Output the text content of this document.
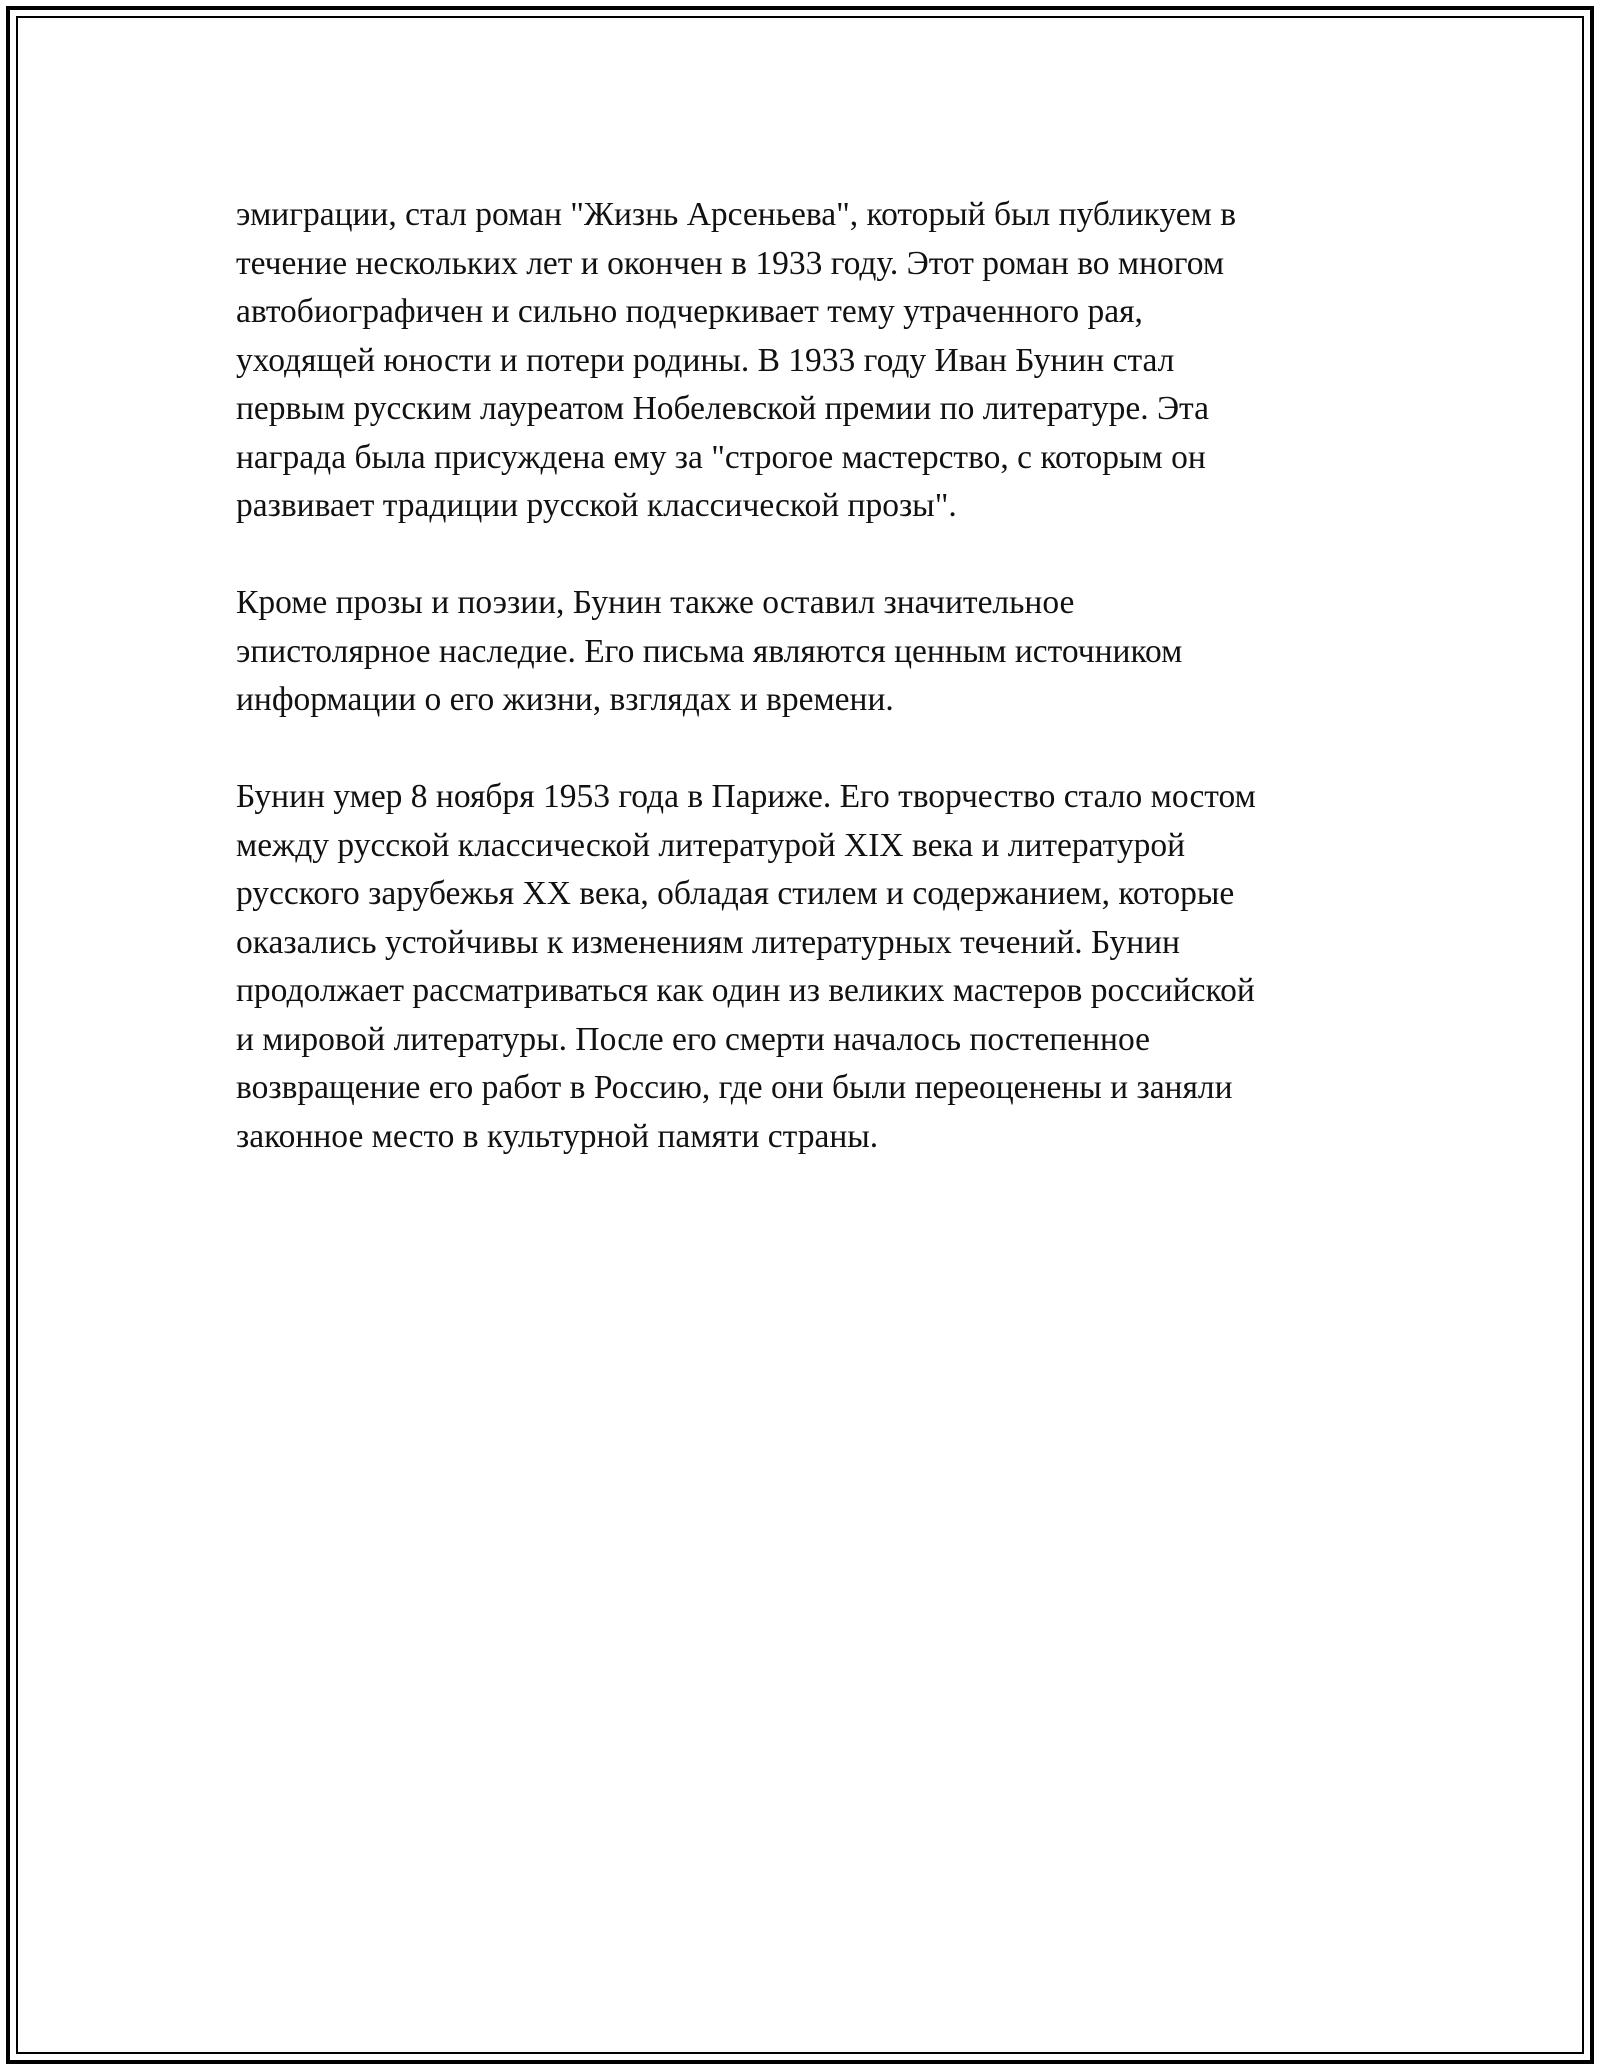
эмиграции, стал роман "Жизнь Арсеньева", который был публикуем в
течение нескольких лет и окончен в 1933 году. Этот роман во многом
автобиографичен и сильно подчеркивает тему утраченного рая,
уходящей юности и потери родины. В 1933 году Иван Бунин стал
первым русским лауреатом Нобелевской премии по литературе. Эта
награда была присуждена ему за "строгое мастерство, с которым он
развивает традиции русской классической прозы".

Кроме прозы и поэзии, Бунин также оставил значительное
эпистолярное наследие. Его письма являются ценным источником
информации о его жизни, взглядах и времени.

Бунин умер 8 ноября 1953 года в Париже. Его творчество стало мостом
между русской классической литературой XIX века и литературой
русского зарубежья XX века, обладая стилем и содержанием, которые
оказались устойчивы к изменениям литературных течений. Бунин
продолжает рассматриваться как один из великих мастеров российской
и мировой литературы. После его смерти началось постепенное
возвращение его работ в Россию, где они были переоценены и заняли
законное место в культурной памяти страны.
